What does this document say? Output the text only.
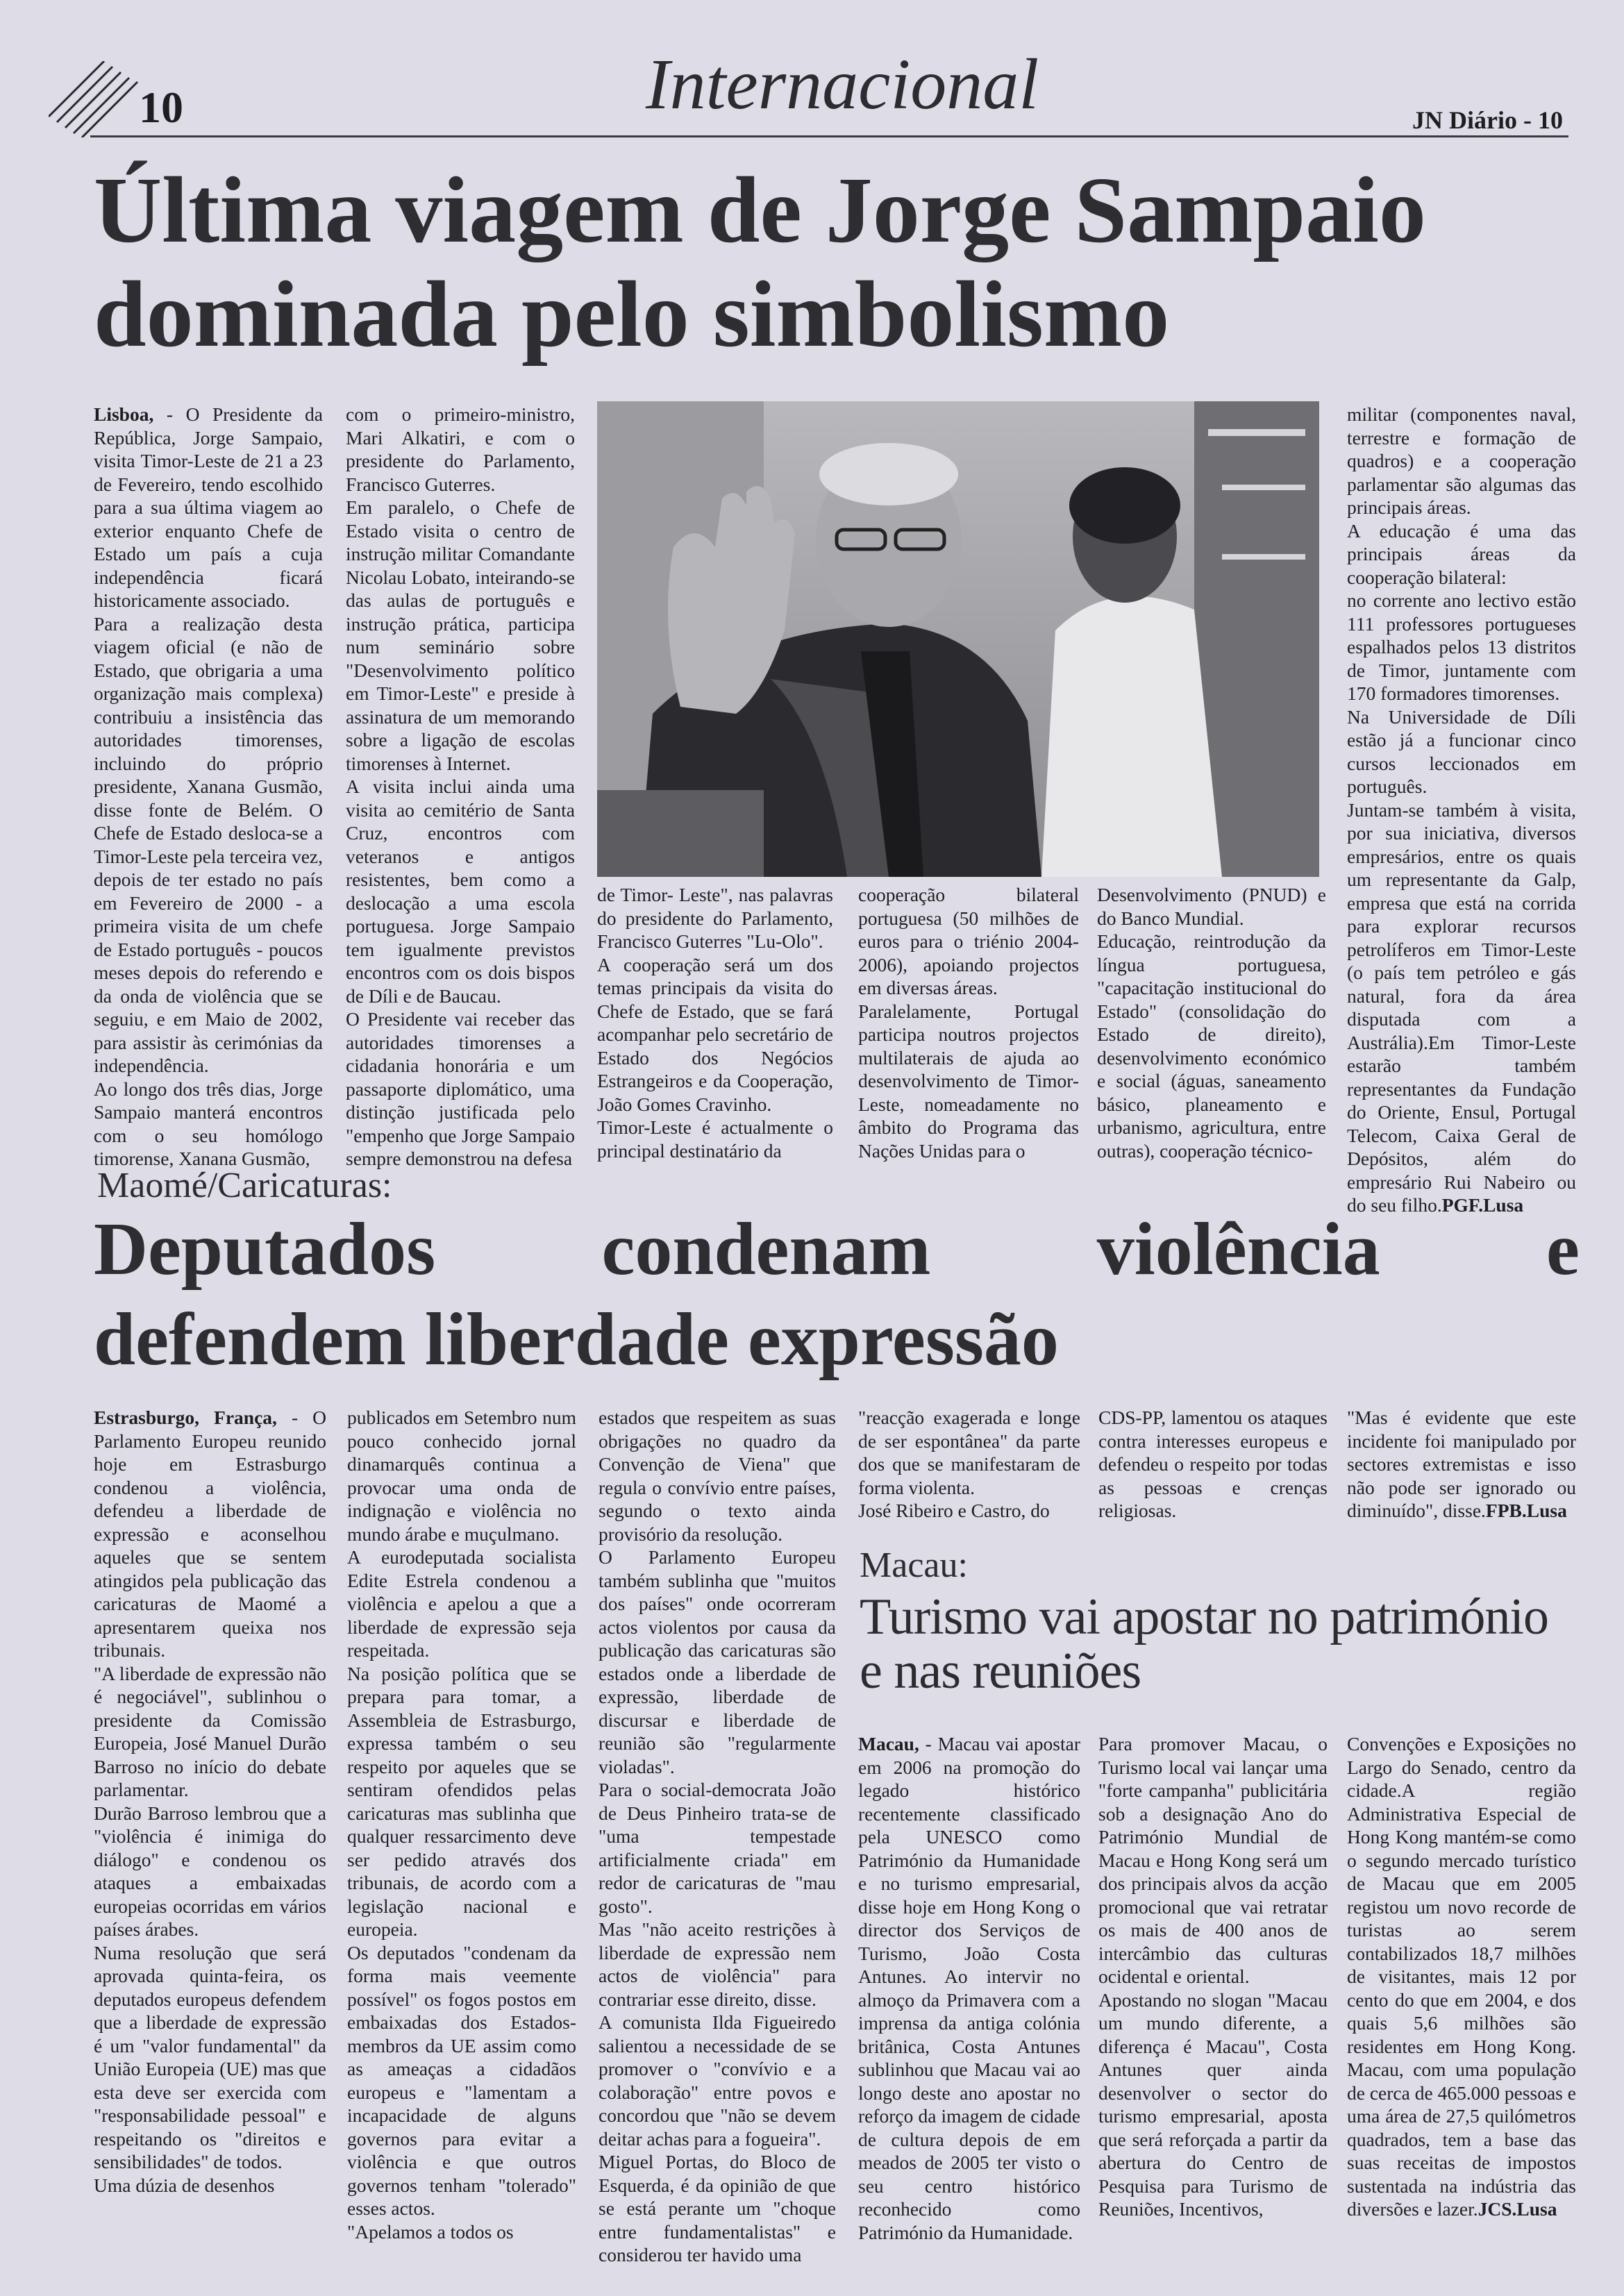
10	Internacional	JN Diário - 10
Última viagem de Jorge Sampaio dominada pelo simbolismo

Lisboa, - O Presidente da República, Jorge Sampaio, visita Timor-Leste de 21 a 23 de Fevereiro, tendo escolhido para a sua última viagem ao exterior enquanto Chefe de Estado um país a cuja independência ficará historicamente associado.

Para a realização desta viagem oficial (e não de Estado, que obrigaria a uma organização mais complexa) contribuiu a insistência das autoridades timorenses, incluindo do próprio presidente, Xanana Gusmão, disse fonte de Belém. O Chefe de Estado desloca-se a Timor-Leste pela terceira vez, depois de ter estado no país em Fevereiro de 2000 - a primeira visita de um chefe de Estado português - poucos meses depois do referendo e da onda de violência que se seguiu, e em Maio de 2002, para assistir às cerimónias da independência.

Ao longo dos três dias, Jorge Sampaio manterá encontros com o seu homólogo timorense, Xanana Gusmão,

com o primeiro-ministro, Mari Alkatiri, e com o presidente do Parlamento, Francisco Guterres.

Em paralelo, o Chefe de Estado visita o centro de instrução militar Comandante Nicolau Lobato, inteirando-se das aulas de português e instrução prática, participa num seminário sobre "Desenvolvimento político em Timor-Leste" e preside à assinatura de um memorando sobre a ligação de escolas timorenses à Internet.

A visita inclui ainda uma visita ao cemitério de Santa Cruz, encontros com veteranos e antigos resistentes, bem como a deslocação a uma escola portuguesa. Jorge Sampaio tem igualmente previstos encontros com os dois bispos de Díli e de Baucau.

O Presidente vai receber das autoridades timorenses a cidadania honorária e um passaporte diplomático, uma distinção justificada pelo "empenho que Jorge Sampaio sempre demonstrou na defesa

de Timor- Leste", nas palavras do presidente do Parlamento, Francisco Guterres "Lu-Olo".

A cooperação será um dos temas principais da visita do Chefe de Estado, que se fará acompanhar pelo secretário de Estado dos Negócios Estrangeiros e da Cooperação, João Gomes Cravinho.

Timor-Leste é actualmente o principal destinatário da

cooperação bilateral portuguesa (50 milhões de euros para o triénio 2004-2006), apoiando projectos em diversas áreas.

Paralelamente, Portugal participa noutros projectos multilaterais de ajuda ao desenvolvimento de Timor-Leste, nomeadamente no âmbito do Programa das Nações Unidas para o

Desenvolvimento (PNUD) e do Banco Mundial.

Educação, reintrodução da língua portuguesa, "capacitação institucional do Estado" (consolidação do Estado de direito), desenvolvimento económico e social (águas, saneamento básico, planeamento e urbanismo, agricultura, entre outras), cooperação técnico-

militar (componentes naval, terrestre e formação de quadros) e a cooperação parlamentar são algumas das principais áreas.

A educação é uma das principais áreas da cooperação bilateral:

no corrente ano lectivo estão 111 professores portugueses espalhados pelos 13 distritos de Timor, juntamente com 170 formadores timorenses.

Na Universidade de Díli estão já a funcionar cinco cursos leccionados em português.

Juntam-se também à visita, por sua iniciativa, diversos empresários, entre os quais um representante da Galp, empresa que está na corrida para explorar recursos petrolíferos em Timor-Leste (o país tem petróleo e gás natural, fora da área disputada com a Austrália).Em Timor-Leste estarão também representantes da Fundação do Oriente, Ensul, Portugal Telecom, Caixa Geral de Depósitos, além do empresário Rui Nabeiro ou do seu filho.PGF.Lusa

Maomé/Caricaturas:
Deputados condenam violência e
defendem liberdade expressão

Estrasburgo, França, - O Parlamento Europeu reunido hoje em Estrasburgo condenou a violência, defendeu a liberdade de expressão e aconselhou aqueles que se sentem atingidos pela publicação das caricaturas de Maomé a apresentarem queixa nos tribunais.

"A liberdade de expressão não é negociável", sublinhou o presidente da Comissão Europeia, José Manuel Durão Barroso no início do debate parlamentar.

Durão Barroso lembrou que a "violência é inimiga do diálogo" e condenou os ataques a embaixadas europeias ocorridas em vários países árabes.

Numa resolução que será aprovada quinta-feira, os deputados europeus defendem que a liberdade de expressão é um "valor fundamental" da União Europeia (UE) mas que esta deve ser exercida com "responsabilidade pessoal" e respeitando os "direitos e sensibilidades" de todos.

Uma dúzia de desenhos

publicados em Setembro num pouco conhecido jornal dinamarquês continua a provocar uma onda de indignação e violência no mundo árabe e muçulmano.

A eurodeputada socialista Edite Estrela condenou a violência e apelou a que a liberdade de expressão seja respeitada.

Na posição política que se prepara para tomar, a Assembleia de Estrasburgo, expressa também o seu respeito por aqueles que se sentiram ofendidos pelas caricaturas mas sublinha que qualquer ressarcimento deve ser pedido através dos tribunais, de acordo com a legislação nacional e europeia.

Os deputados "condenam da forma mais veemente possível" os fogos postos em embaixadas dos Estados-membros da UE assim como as ameaças a cidadãos europeus e "lamentam a incapacidade de alguns governos para evitar a violência e que outros governos tenham "tolerado" esses actos.

"Apelamos a todos os

estados que respeitem as suas obrigações no quadro da Convenção de Viena" que regula o convívio entre países, segundo o texto ainda provisório da resolução.

O Parlamento Europeu também sublinha que "muitos dos países" onde ocorreram actos violentos por causa da publicação das caricaturas são estados onde a liberdade de expressão, liberdade de discursar e liberdade de reunião são "regularmente violadas".

Para o social-democrata João de Deus Pinheiro trata-se de "uma tempestade artificialmente criada" em redor de caricaturas de "mau gosto".

Mas "não aceito restrições à liberdade de expressão nem actos de violência" para contrariar esse direito, disse.

A comunista Ilda Figueiredo salientou a necessidade de se promover o "convívio e a colaboração" entre povos e concordou que "não se devem deitar achas para a fogueira".

Miguel Portas, do Bloco de Esquerda, é da opinião de que se está perante um "choque entre fundamentalistas" e considerou ter havido uma

"reacção exagerada e longe de ser espontânea" da parte dos que se manifestaram de forma violenta.

José Ribeiro e Castro, do

CDS-PP, lamentou os ataques contra interesses europeus e defendeu o respeito por todas as pessoas e crenças religiosas.

"Mas é evidente que este incidente foi manipulado por sectores extremistas e isso não pode ser ignorado ou diminuído", disse.FPB.Lusa

Macau:
Turismo vai apostar no património e nas reuniões

Macau, - Macau vai apostar em 2006 na promoção do legado histórico recentemente classificado pela UNESCO como Património da Humanidade e no turismo empresarial, disse hoje em Hong Kong o director dos Serviços de Turismo, João Costa Antunes. Ao intervir no almoço da Primavera com a imprensa da antiga colónia britânica, Costa Antunes sublinhou que Macau vai ao longo deste ano apostar no reforço da imagem de cidade de cultura depois de em meados de 2005 ter visto o seu centro histórico reconhecido como Património da Humanidade.

Para promover Macau, o Turismo local vai lançar uma "forte campanha" publicitária sob a designação Ano do Património Mundial de Macau e Hong Kong será um dos principais alvos da acção promocional que vai retratar os mais de 400 anos de intercâmbio das culturas ocidental e oriental.

Apostando no slogan "Macau um mundo diferente, a diferença é Macau", Costa Antunes quer ainda desenvolver o sector do turismo empresarial, aposta que será reforçada a partir da abertura do Centro de Pesquisa para Turismo de Reuniões, Incentivos,

Convenções e Exposições no Largo do Senado, centro da cidade.A região Administrativa Especial de Hong Kong mantém-se como o segundo mercado turístico de Macau que em 2005 registou um novo recorde de turistas ao serem contabilizados 18,7 milhões de visitantes, mais 12 por cento do que em 2004, e dos quais 5,6 milhões são residentes em Hong Kong. Macau, com uma população de cerca de 465.000 pessoas e uma área de 27,5 quilómetros quadrados, tem a base das suas receitas de impostos sustentada na indústria das diversões e lazer.JCS.Lusa
